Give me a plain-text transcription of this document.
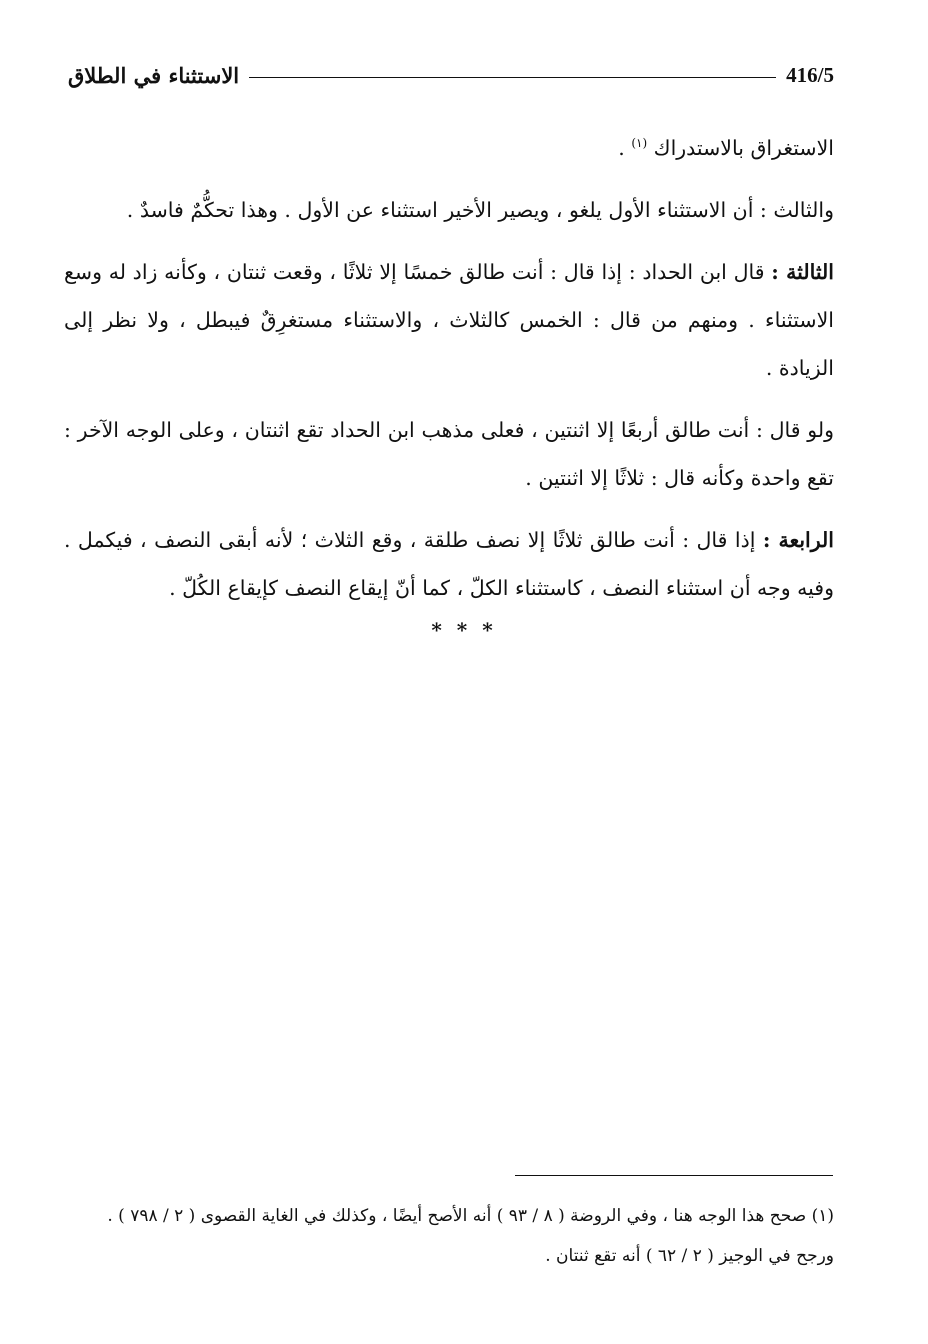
الاستثناء في الطلاق	416/5

الاستغراق بالاستدراك $^{(١)}$ .

والثالث : أن الاستثناء الأول يلغو ، ويصير الأخير استثناء عن الأول . وهذا تحكُّمٌ فاسدٌ .

الثالثة : قال ابن الحداد : إذا قال : أنت طالق خمسًا إلا ثلاثًا ، وقعت ثنتان ، وكأنه زاد له وسع الاستثناء . ومنهم من قال : الخمس كالثلاث ، والاستثناء مستغرِقٌ فيبطل ، ولا نظر إلى الزيادة .

ولو قال : أنت طالق أربعًا إلا اثنتين ، فعلى مذهب ابن الحداد تقع اثنتان ، وعلى الوجه الآخر : تقع واحدة وكأنه قال : ثلاثًا إلا اثنتين .

الرابعة : إذا قال : أنت طالق ثلاثًا إلا نصف طلقة ، وقع الثلاث ؛ لأنه أبقى النصف ، فيكمل . وفيه وجه أن استثناء النصف ، كاستثناء الكلّ ، كما أنّ إيقاع النصف كإيقاع الكُلّ .

* * *

(١) صحح هذا الوجه هنا ، وفي الروضة ( ٨ / ٩٣ ) أنه الأصح أيضًا ، وكذلك في الغاية القصوى ( ٢ / ٧٩٨ ) .

ورجح في الوجيز ( ٢ / ٦٢ ) أنه تقع ثنتان .
